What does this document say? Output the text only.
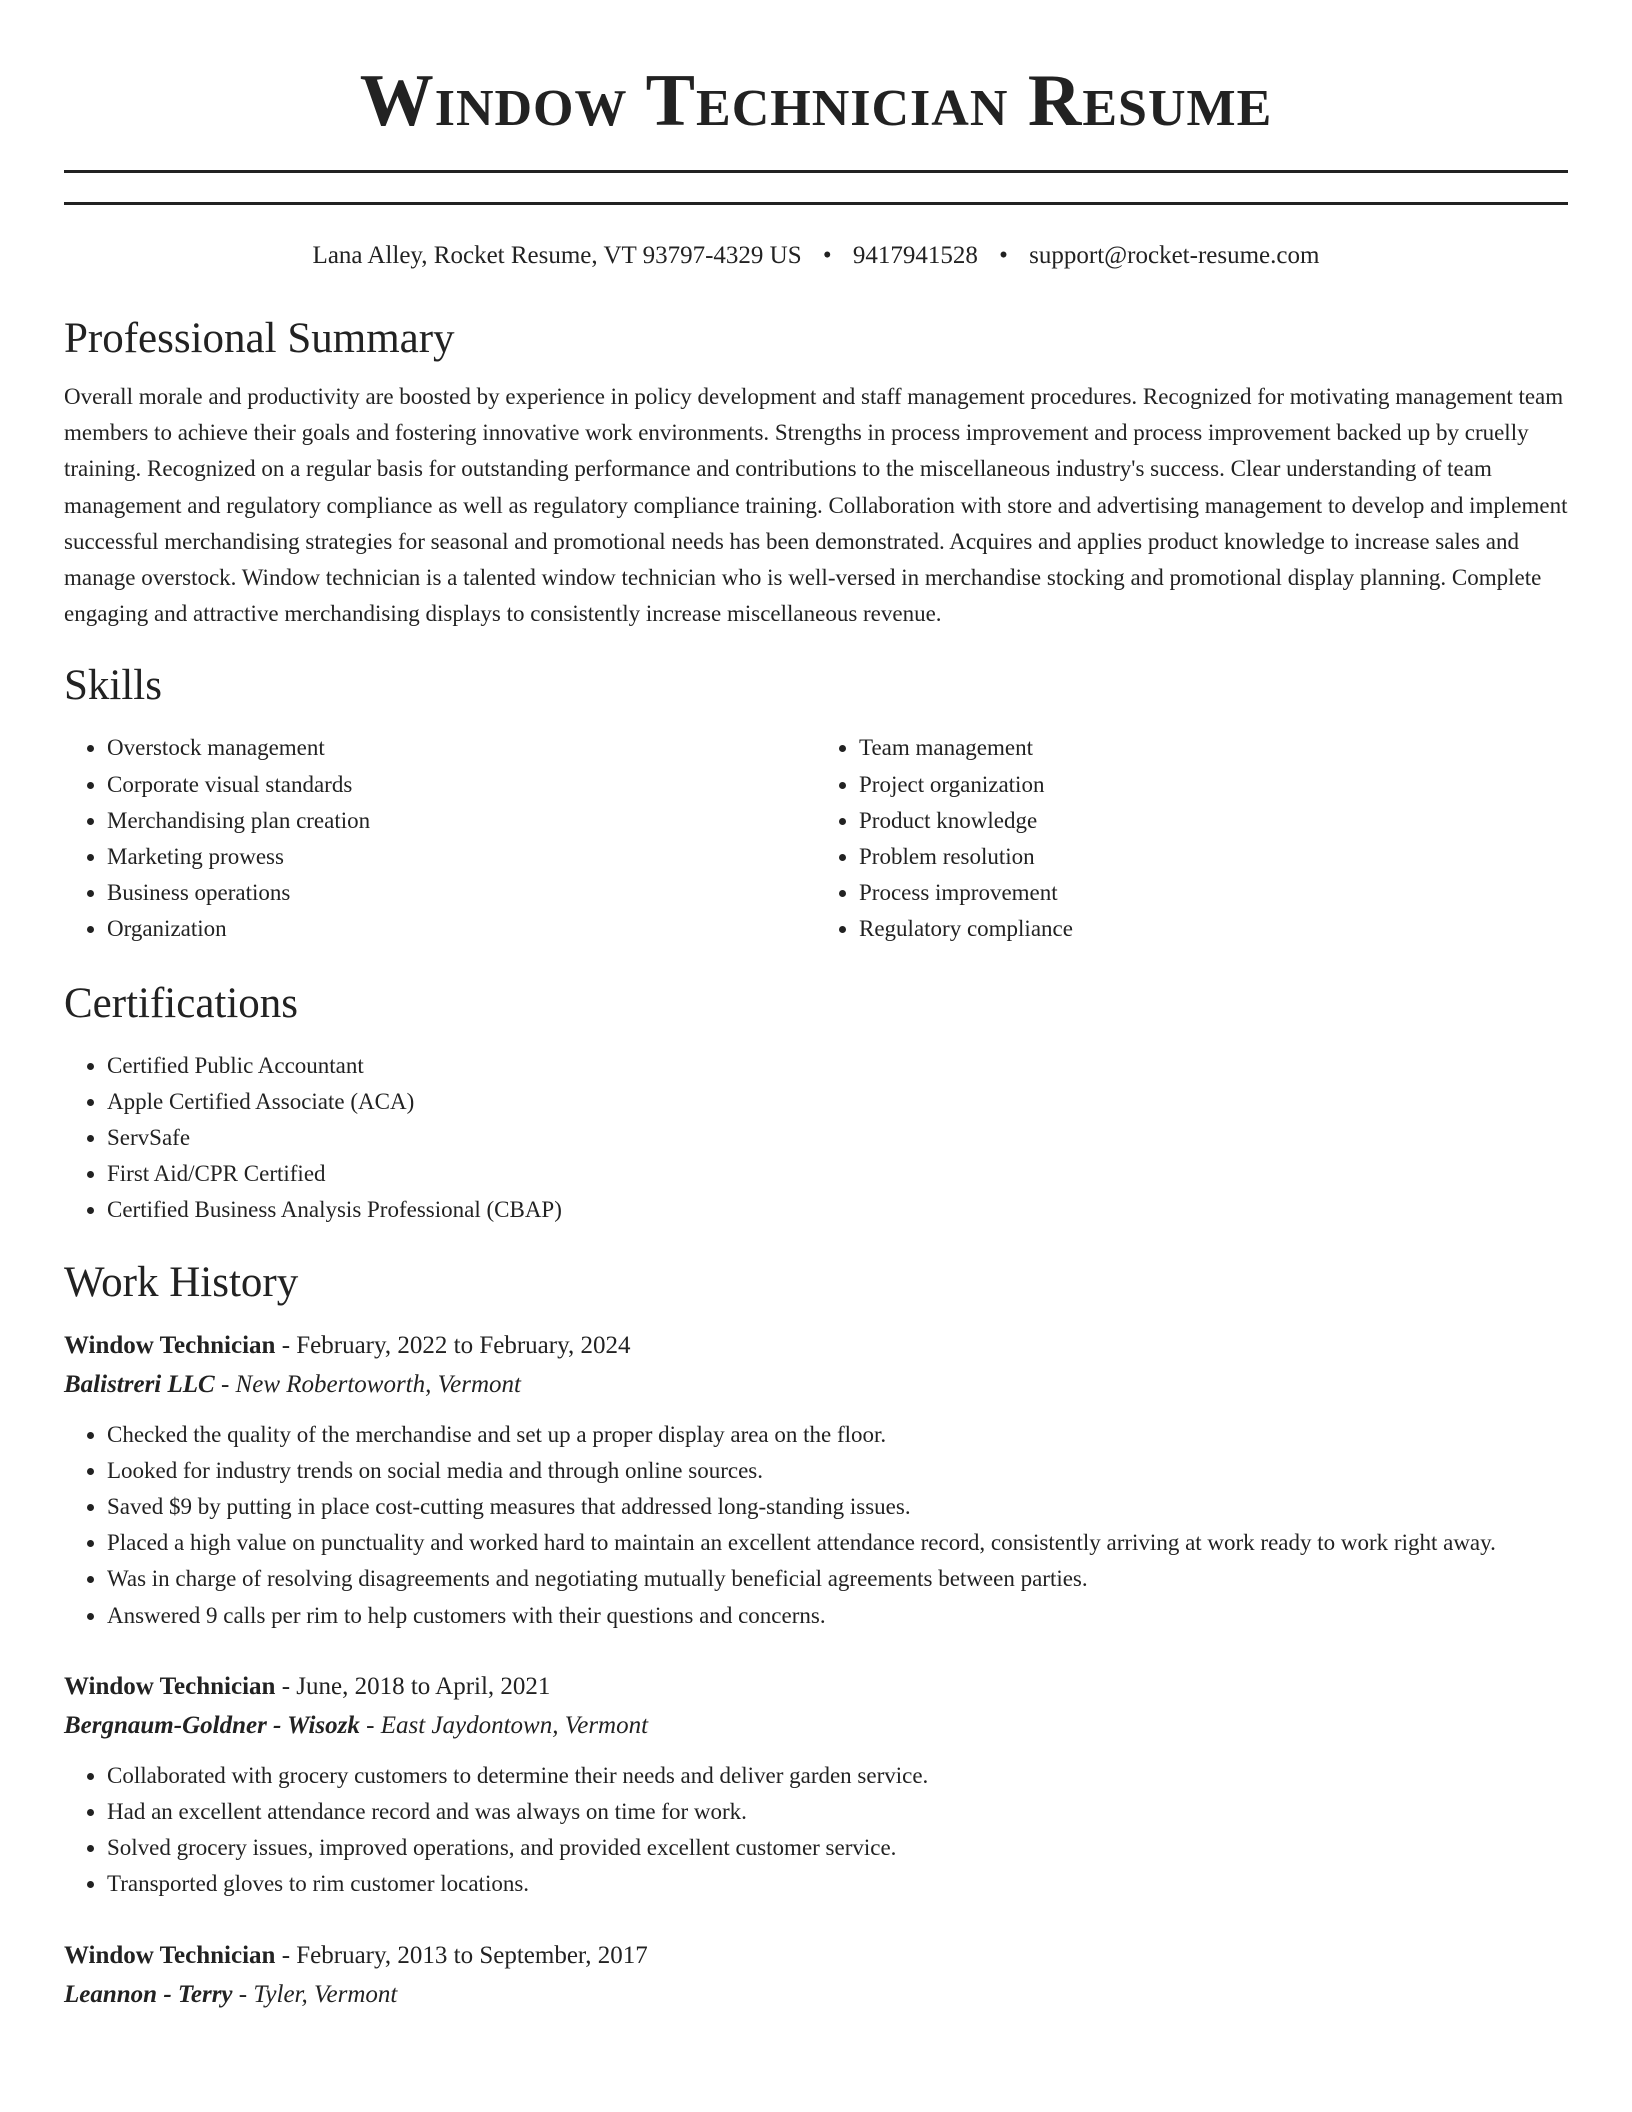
Window Technician Resume
Lana Alley, Rocket Resume, VT 93797-4329 US • 9417941528 • support@rocket-resume.com
Professional Summary

Overall morale and productivity are boosted by experience in policy development and staff management procedures. Recognized for motivating management team members to achieve their goals and fostering innovative work environments. Strengths in process improvement and process improvement backed up by cruelly training. Recognized on a regular basis for outstanding performance and contributions to the miscellaneous industry's success. Clear understanding of team management and regulatory compliance as well as regulatory compliance training. Collaboration with store and advertising management to develop and implement successful merchandising strategies for seasonal and promotional needs has been demonstrated. Acquires and applies product knowledge to increase sales and manage overstock. Window technician is a talented window technician who is well-versed in merchandise stocking and promotional display planning. Complete engaging and attractive merchandising displays to consistently increase miscellaneous revenue.

Skills
• Overstock management
• Corporate visual standards
• Merchandising plan creation
• Marketing prowess
• Business operations
• Organization
• Team management
• Project organization
• Product knowledge
• Problem resolution
• Process improvement
• Regulatory compliance
Certifications
• Certified Public Accountant
• Apple Certified Associate (ACA)
• ServSafe
• First Aid/CPR Certified
• Certified Business Analysis Professional (CBAP)
Work History
Window Technician - February, 2022 to February, 2024
Balistreri LLC - New Robertoworth, Vermont
• Checked the quality of the merchandise and set up a proper display area on the floor.
• Looked for industry trends on social media and through online sources.
• Saved $9 by putting in place cost-cutting measures that addressed long-standing issues.
• Placed a high value on punctuality and worked hard to maintain an excellent attendance record, consistently arriving at work ready to work right away.
• Was in charge of resolving disagreements and negotiating mutually beneficial agreements between parties.
• Answered 9 calls per rim to help customers with their questions and concerns.
Window Technician - June, 2018 to April, 2021
Bergnaum-Goldner - Wisozk - East Jaydontown, Vermont
• Collaborated with grocery customers to determine their needs and deliver garden service.
• Had an excellent attendance record and was always on time for work.
• Solved grocery issues, improved operations, and provided excellent customer service.
• Transported gloves to rim customer locations.
Window Technician - February, 2013 to September, 2017
Leannon - Terry - Tyler, Vermont
